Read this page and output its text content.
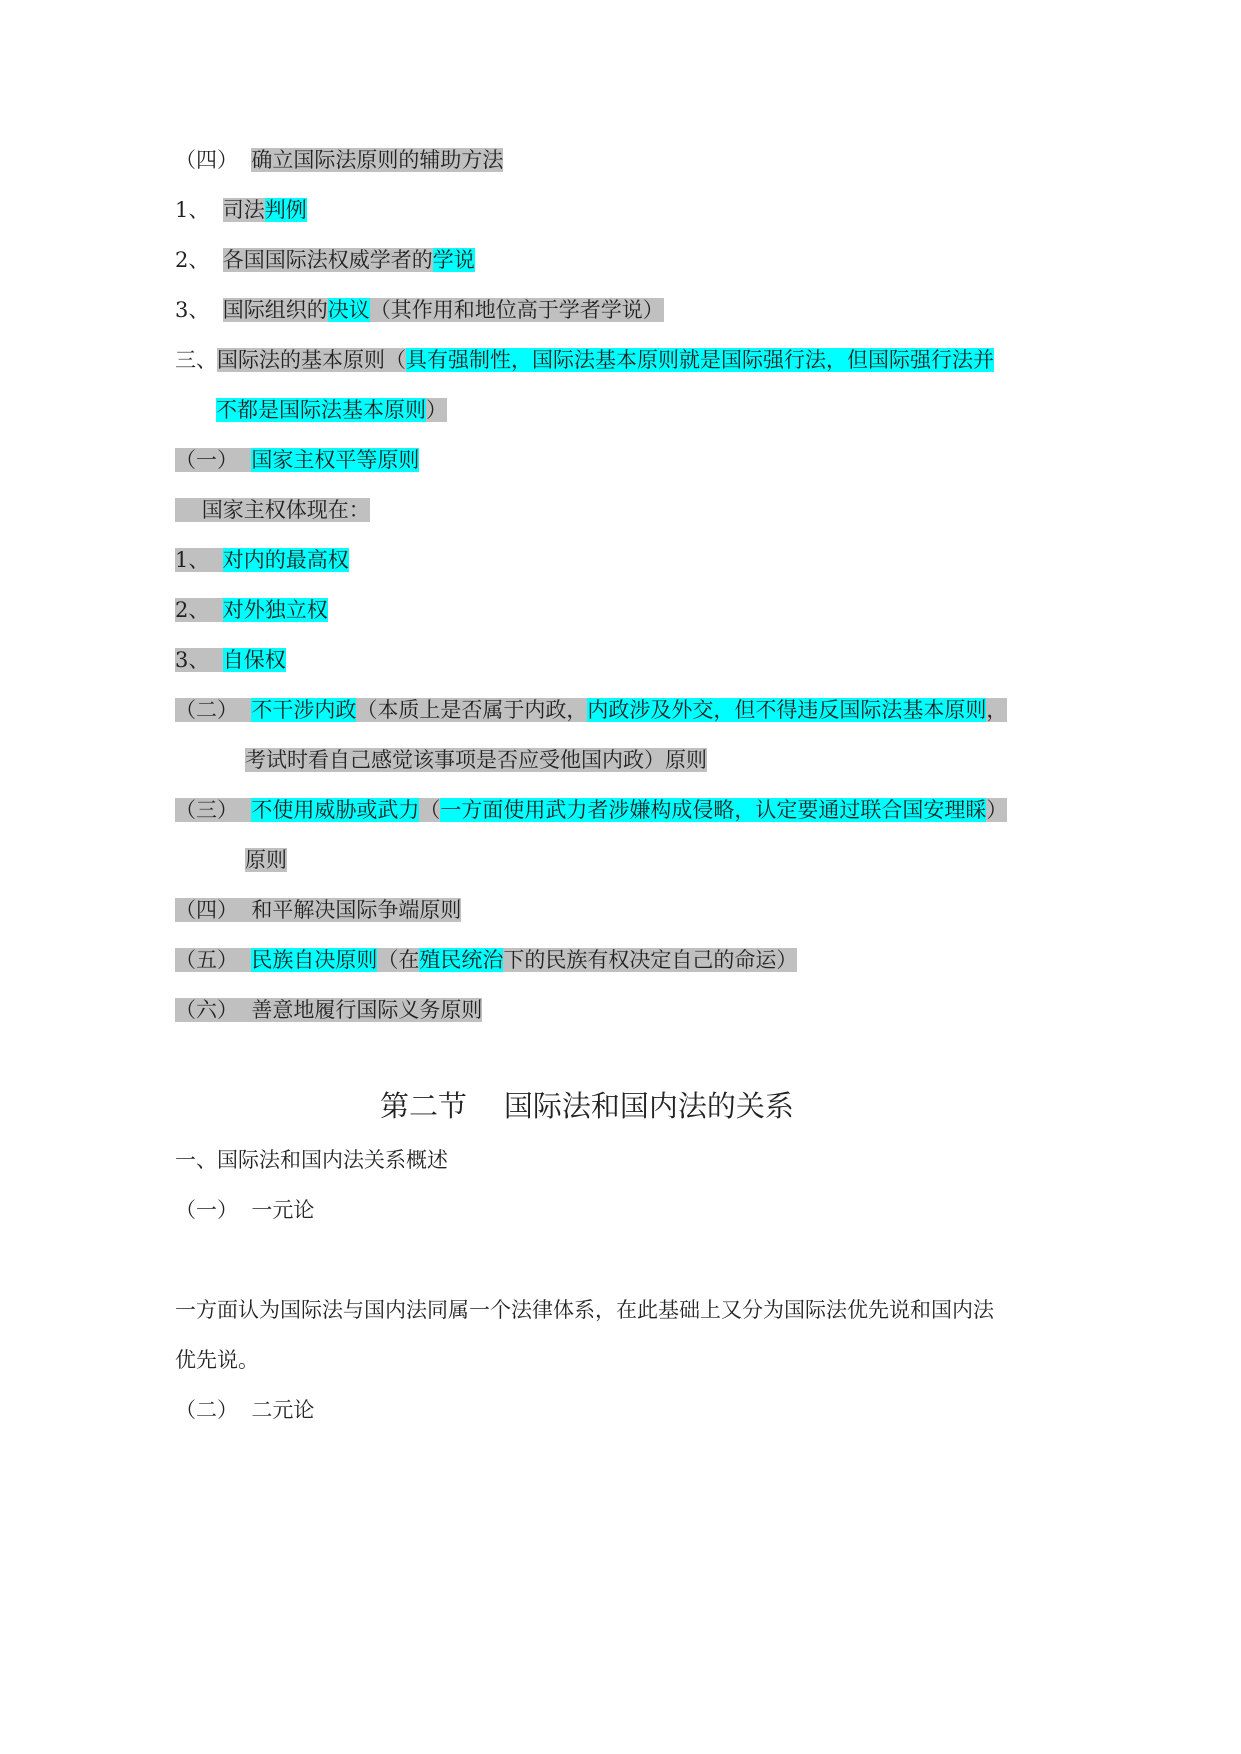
（四）  确立国际法原则的辅助方法
1、  司法判例
2、  各国国际法权威学者的学说
3、  国际组织的决议（其作用和地位高于学者学说）
三、国际法的基本原则（具有强制性，国际法基本原则就是国际强行法，但国际强行法并
不都是国际法基本原则）
（一）  国家主权平等原则
国家主权体现在：
1、  对内的最高权
2、  对外独立权
3、  自保权
（二）  不干涉内政（本质上是否属于内政，内政涉及外交，但不得违反国际法基本原则，
考试时看自己感觉该事项是否应受他国内政）原则
（三）  不使用威胁或武力（一方面使用武力者涉嫌构成侵略，认定要通过联合国安理睬）
原则
（四）  和平解决国际争端原则
（五）  民族自决原则（在殖民统治下的民族有权决定自己的命运）
（六）  善意地履行国际义务原则
第二节    国际法和国内法的关系
一、国际法和国内法关系概述
（一）  一元论
一方面认为国际法与国内法同属一个法律体系，在此基础上又分为国际法优先说和国内法
优先说。
（二）  二元论
